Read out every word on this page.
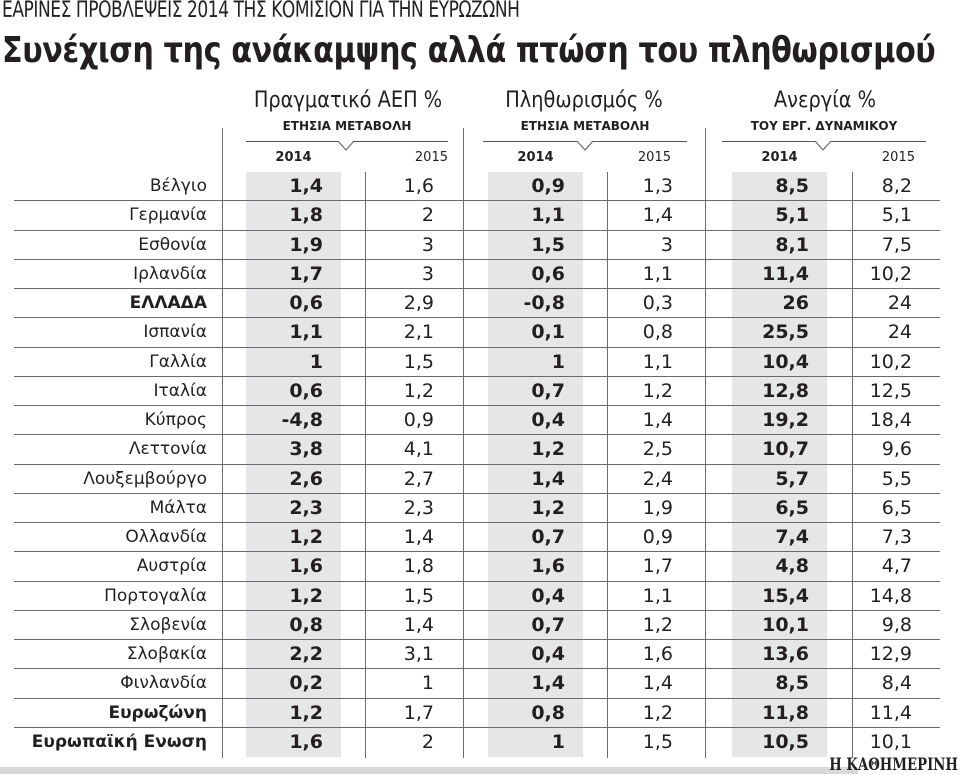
ΕΑΡΙΝΕΣ ΠΡΟΒΛΕΨΕΙΣ 2014 ΤΗΣ ΚΟΜΙΣΙΟΝ ΓΙΑ ΤΗΝ ΕΥΡΩΖΩΝΗ
Συνέχιση της ανάκαμψης αλλά πτώση του πληθωρισμού
Πραγματικό ΑΕΠ %
ΕΤΗΣΙΑ ΜΕΤΑΒΟΛΗ
2014	2015
Πληθωρισμός %
ΕΤΗΣΙΑ ΜΕΤΑΒΟΛΗ
2014	2015
Ανεργία %
ΤΟΥ ΕΡΓ. ΔΥΝΑΜΙΚΟΥ
2014	2015
Βέλγιο	1,4	1,6	0,9	1,3	8,5	8,2
Γερμανία	1,8	2	1,1	1,4	5,1	5,1
Εσθονία	1,9	3	1,5	3	8,1	7,5
Ιρλανδία	1,7	3	0,6	1,1	11,4	10,2
ΕΛΛΑΔΑ	0,6	2,9	-0,8	0,3	26	24
Ισπανία	1,1	2,1	0,1	0,8	25,5	24
Γαλλία	1	1,5	1	1,1	10,4	10,2
Ιταλία	0,6	1,2	0,7	1,2	12,8	12,5
Κύπρος	-4,8	0,9	0,4	1,4	19,2	18,4
Λεττονία	3,8	4,1	1,2	2,5	10,7	9,6
Λουξεμβούργο	2,6	2,7	1,4	2,4	5,7	5,5
Μάλτα	2,3	2,3	1,2	1,9	6,5	6,5
Ολλανδία	1,2	1,4	0,7	0,9	7,4	7,3
Αυστρία	1,6	1,8	1,6	1,7	4,8	4,7
Πορτογαλία	1,2	1,5	0,4	1,1	15,4	14,8
Σλοβενία	0,8	1,4	0,7	1,2	10,1	9,8
Σλοβακία	2,2	3,1	0,4	1,6	13,6	12,9
Φινλανδία	0,2	1	1,4	1,4	8,5	8,4
Ευρωζώνη	1,2	1,7	0,8	1,2	11,8	11,4
Ευρωπαϊκή Ενωση	1,6	2	1	1,5	10,5	10,1
Η ΚΑΘΗΜΕΡΙΝΗ
